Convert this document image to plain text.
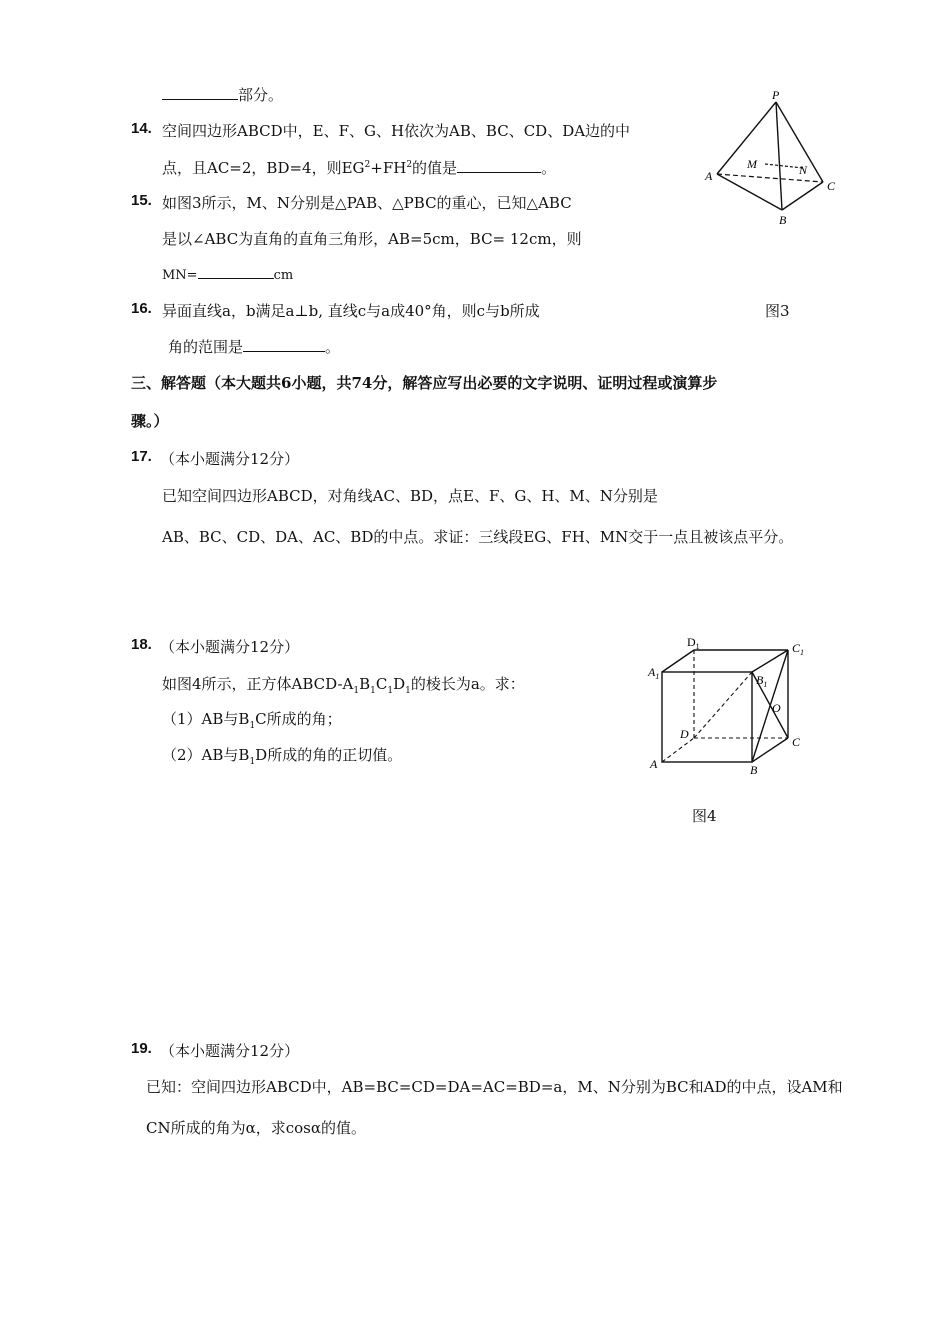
部分。
14. 空间四边形ABCD中，E、F、G、H依次为AB、BC、CD、DA边的中
点，且AC=2，BD=4，则$EG^2+FH^2$的值是	。
15. 如图3所示，M、N分别是△PAB、△PBC的重心，已知△ABC
是以∠ABC为直角的直角三角形，AB=5cm，BC= 12cm，则
MN=	cm
16. 异面直线a，b满足a⊥b, 直线c与a成40°角，则c与b所成
角的范围是	。
P
A
B
C
M	N
图3
三、解答题（本大题共6小题，共74分，解答应写出必要的文字说明、证明过程或演算步
骤。）
17. （本小题满分12分）
已知空间四边形ABCD，对角线AC、BD，点E、F、G、H、M、N分别是
AB、BC、CD、DA、AC、BD的中点。求证：三线段EG、FH、MN交于一点且被该点平分。
18. （本小题满分12分）
如图4所示，正方体ABCD-$A_1B_1C_1D_1$的棱长为a。求：
（1）AB与$B_1C$所成的角；
（2）AB与$B_1D$所成的角的正切值。
$D_1$	$C_1$
$A_1$	$B_1$
O
D
C
A	B
图4
19. （本小题满分12分）
已知：空间四边形ABCD中，AB=BC=CD=DA=AC=BD=a，M、N分别为BC和AD的中点，设AM和
CN所成的角为α，求cosα的值。
